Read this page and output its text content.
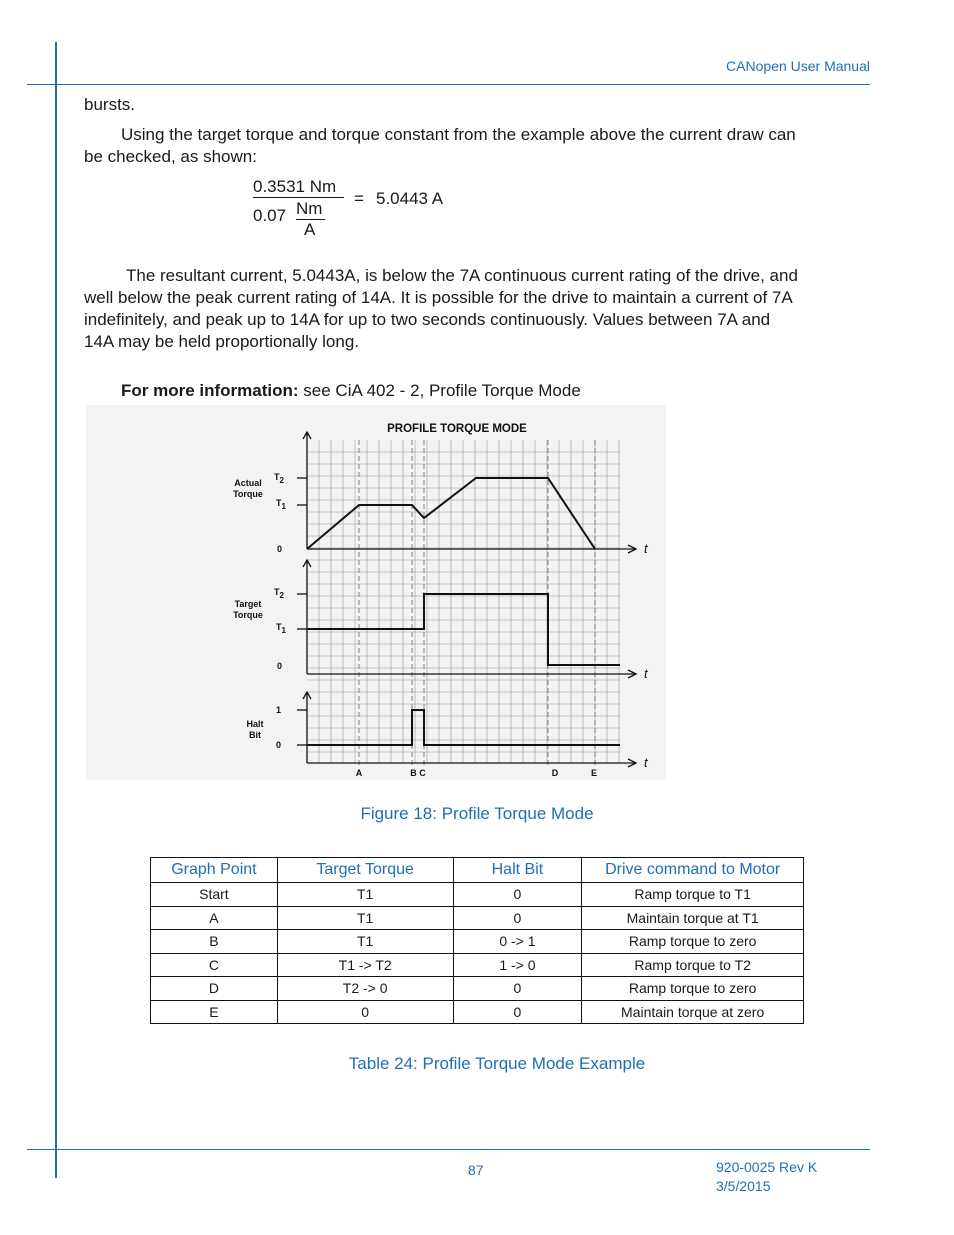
CANopen User Manual
bursts.
Using the target torque and torque constant from the example above the current draw can
be checked, as shown:
0.3531 Nm
0.07 Nm
A
= 5.0443 A
The resultant current, 5.0443A, is below the 7A continuous current rating of the drive, and
well below the peak current rating of 14A. It is possible for the drive to maintain a current of 7A
indefinitely, and peak up to 14A for up to two seconds continuously. Values between 7A and
14A may be held proportionally long.
For more information: see CiA 402 - 2, Profile Torque Mode
PROFILE TORQUE MODE
Actual
Torque
Target
Torque
Halt
Bit
T2
T1
0
T2
T1
0
1
0
t
t
t
A	B C	D	E
Figure 18: Profile Torque Mode
Graph Point	Target Torque	Halt Bit	Drive command to Motor
Start	T1	0	Ramp torque to T1
A	T1	0	Maintain torque at T1
B	T1	0 -> 1	Ramp torque to zero
C	T1 -> T2	1 -> 0	Ramp torque to T2
D	T2 -> 0	0	Ramp torque to zero
E	0	0	Maintain torque at zero
Table 24: Profile Torque Mode Example
87	920-0025 Rev K
3/5/2015
